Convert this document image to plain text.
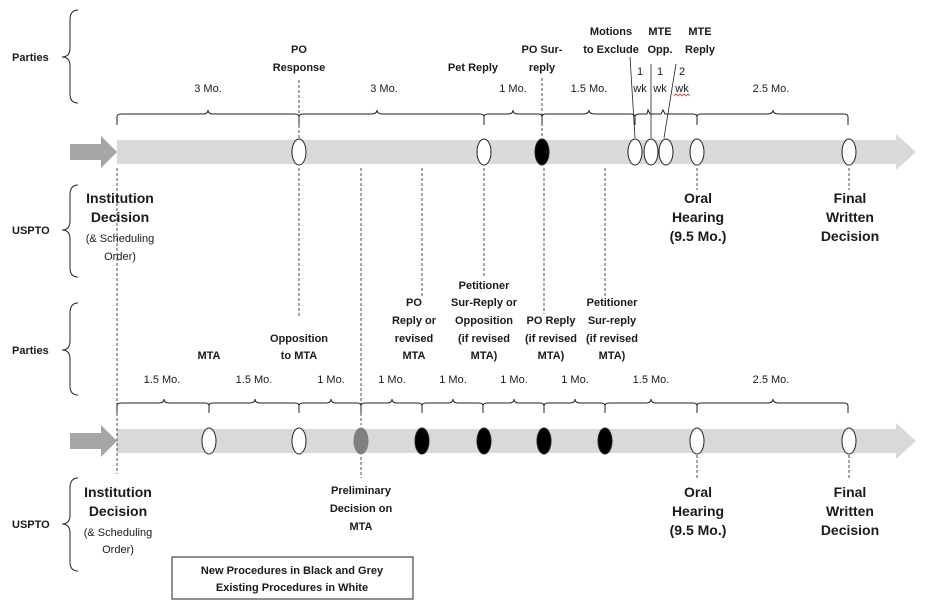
Parties
USPTO
Parties
USPTO
3 Mo.	3 Mo.	1 Mo.	1.5 Mo.	2.5 Mo.
1 wk
1 wk
2 wk
PO Response	Pet Reply
PO Sur-reply
Motions to Exclude
MTE Opp.
MTE Reply
1.5 Mo.	1.5 Mo.	1 Mo.	1 Mo.	1 Mo.	1 Mo.	1 Mo.	1.5 Mo.	2.5 Mo.
MTA
Opposition to MTA
PO Reply or revised MTA
Petitioner Sur-Reply or Opposition (if revised MTA)
PO Reply (if revised MTA)
Petitioner Sur-reply (if revised MTA)
Institution Decision
(& Scheduling Order)
Oral Hearing (9.5 Mo.)
Final Written Decision
Institution Decision
(& Scheduling Order)
Preliminary Decision on MTA
Oral Hearing (9.5 Mo.)
Final Written Decision
New Procedures in Black and Grey
Existing Procedures in White
